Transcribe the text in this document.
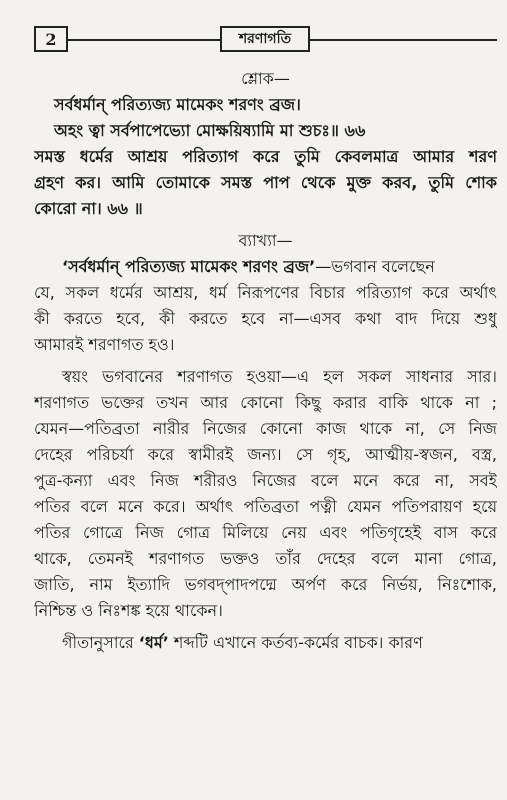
2	শরণাগতি
শ্লোক—
সর্বধর্মান্ পরিত্যজ্য মামেকং শরণং ব্রজ।
অহং ত্বা সর্বপাপেভ্যো মোক্ষয়িষ্যামি মা শুচঃ॥ ৬৬
সমস্ত ধর্মের আশ্রয় পরিত্যাগ করে তুমি কেবলমাত্র আমার শরণ
গ্রহণ কর। আমি তোমাকে সমস্ত পাপ থেকে মুক্ত করব, তুমি শোক
কোরো না। ৬৬ ॥
ব্যাখ্যা—
‘সর্বধর্মান্ পরিত্যজ্য মামেকং শরণং ব্রজ’—ভগবান বলেছেন
যে, সকল ধর্মের আশ্রয়, ধর্ম নিরূপণের বিচার পরিত্যাগ করে অর্থাৎ
কী করতে হবে, কী করতে হবে না—এসব কথা বাদ দিয়ে শুধু
আমারই শরণাগত হও।
স্বয়ং ভগবানের শরণাগত হওয়া—এ হল সকল সাধনার সার।
শরণাগত ভক্তের তখন আর কোনো কিছু করার বাকি থাকে না ;
যেমন—পতিব্রতা নারীর নিজের কোনো কাজ থাকে না, সে নিজ
দেহের পরিচর্যা করে স্বামীরই জন্য। সে গৃহ, আত্মীয়-স্বজন, বস্ত্র,
পুত্র-কন্যা এবং নিজ শরীরও নিজের বলে মনে করে না, সবই
পতির বলে মনে করে। অর্থাৎ পতিব্রতা পত্নী যেমন পতিপরায়ণ হয়ে
পতির গোত্রে নিজ গোত্র মিলিয়ে নেয় এবং পতিগৃহেই বাস করে
থাকে, তেমনই শরণাগত ভক্তও তাঁর দেহের বলে মানা গোত্র,
জাতি, নাম ইত্যাদি ভগবদ্পাদপদ্মে অর্পণ করে নির্ভয়, নিঃশোক,
নিশ্চিন্ত ও নিঃশঙ্ক হয়ে থাকেন।
গীতানুসারে ‘ধর্ম’ শব্দটি এখানে কর্তব্য-কর্মের বাচক। কারণ
